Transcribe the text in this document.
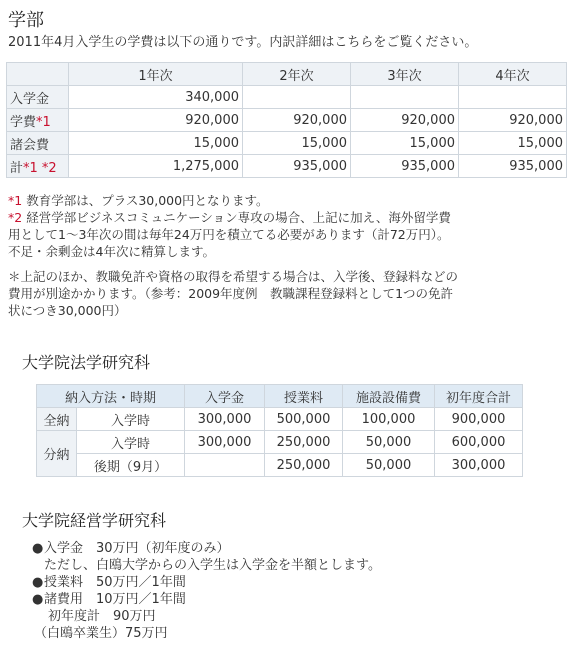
学部
2011年4月入学生の学費は以下の通りです。内訳詳細はこちらをご覧ください。
	1年次	2年次	3年次	4年次
入学金	340,000			
学費*1	920,000	920,000	920,000	920,000
諸会費	15,000	15,000	15,000	15,000
計*1 *2	1,275,000	935,000	935,000	935,000

*1 教育学部は、プラス30,000円となります。

*2 経営学部ビジネスコミュニケーション専攻の場合、上記に加え、海外留学費

用として1～3年次の間は毎年24万円を積立てる必要があります（計72万円）。

不足・余剰金は4年次に精算します。

＊上記のほか、教職免許や資格の取得を希望する場合は、入学後、登録料などの

費用が別途かかります。（参考：2009年度例　教職課程登録料として1つの免許

状につき30,000円）

大学院法学研究科
納入方法・時期		入学金	授業料	施設設備費	初年度合計
全納	入学時	300,000	500,000	100,000	900,000
分納	入学時	300,000	250,000	50,000	600,000
	後期（9月）		250,000	50,000	300,000
大学院経営学研究科
●入学金　30万円（初年度のみ）
ただし、白鴎大学からの入学生は入学金を半額とします。
●授業料　50万円／1年間
●諸費用　10万円／1年間
初年度計　90万円
（白鴎卒業生）75万円
